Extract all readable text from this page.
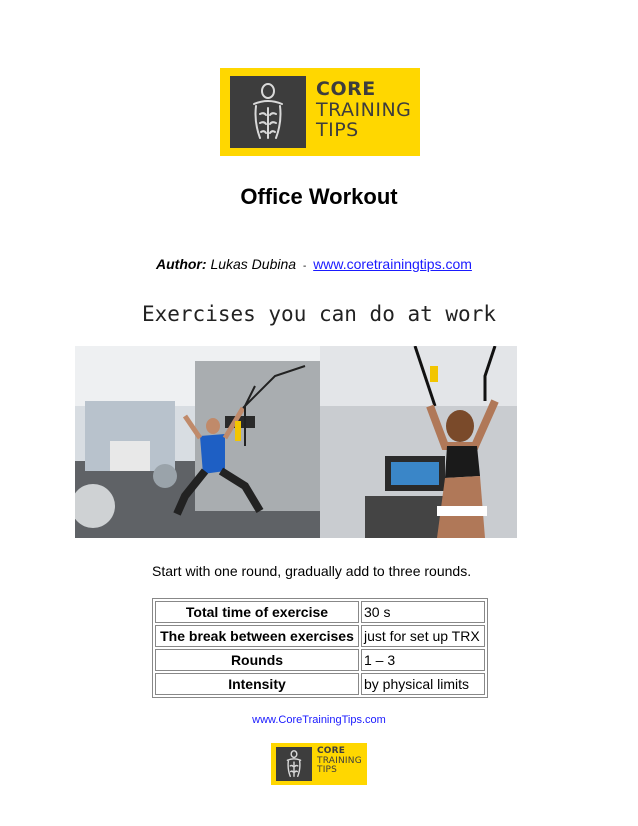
CORE
TRAINING
TIPS
Office Workout
Author: Lukas Dubina - www.coretrainingtips.com
Exercises you can do at work
Start with one round, gradually add to three rounds.
Total time of exercise	30 s
The break between exercises	just for set up TRX
Rounds	1 – 3
Intensity	by physical limits
www.CoreTrainingTips.com
CORE
TRAINING
TIPS
